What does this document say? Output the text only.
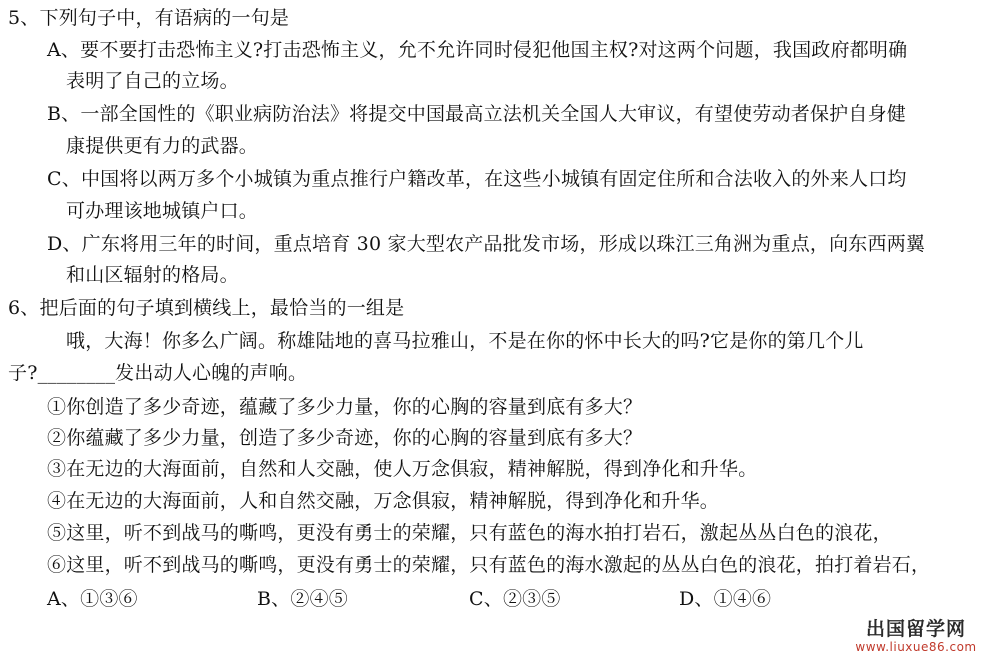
5、下列句子中，有语病的一句是
A、要不要打击恐怖主义?打击恐怖主义，允不允许同时侵犯他国主权?对这两个问题，我国政府都明确
表明了自己的立场。
B、一部全国性的《职业病防治法》将提交中国最高立法机关全国人大审议，有望使劳动者保护自身健
康提供更有力的武器。
C、中国将以两万多个小城镇为重点推行户籍改革，在这些小城镇有固定住所和合法收入的外来人口均
可办理该地城镇户口。
D、广东将用三年的时间，重点培育 30 家大型农产品批发市场，形成以珠江三角洲为重点，向东西两翼
和山区辐射的格局。
6、把后面的句子填到横线上，最恰当的一组是
哦，大海！你多么广阔。称雄陆地的喜马拉雅山，不是在你的怀中长大的吗?它是你的第几个儿
子?________发出动人心魄的声响。
①你创造了多少奇迹，蕴藏了多少力量，你的心胸的容量到底有多大？
②你蕴藏了多少力量，创造了多少奇迹，你的心胸的容量到底有多大？
③在无边的大海面前，自然和人交融，使人万念俱寂，精神解脱，得到净化和升华。
④在无边的大海面前，人和自然交融，万念俱寂，精神解脱，得到净化和升华。
⑤这里，听不到战马的嘶鸣，更没有勇士的荣耀，只有蓝色的海水拍打岩石，激起丛丛白色的浪花，
⑥这里，听不到战马的嘶鸣，更没有勇士的荣耀，只有蓝色的海水激起的丛丛白色的浪花，拍打着岩石，
A、①③⑥	B、②④⑤	C、②③⑤	D、①④⑥
出国留学网
www.liuxue86.com
